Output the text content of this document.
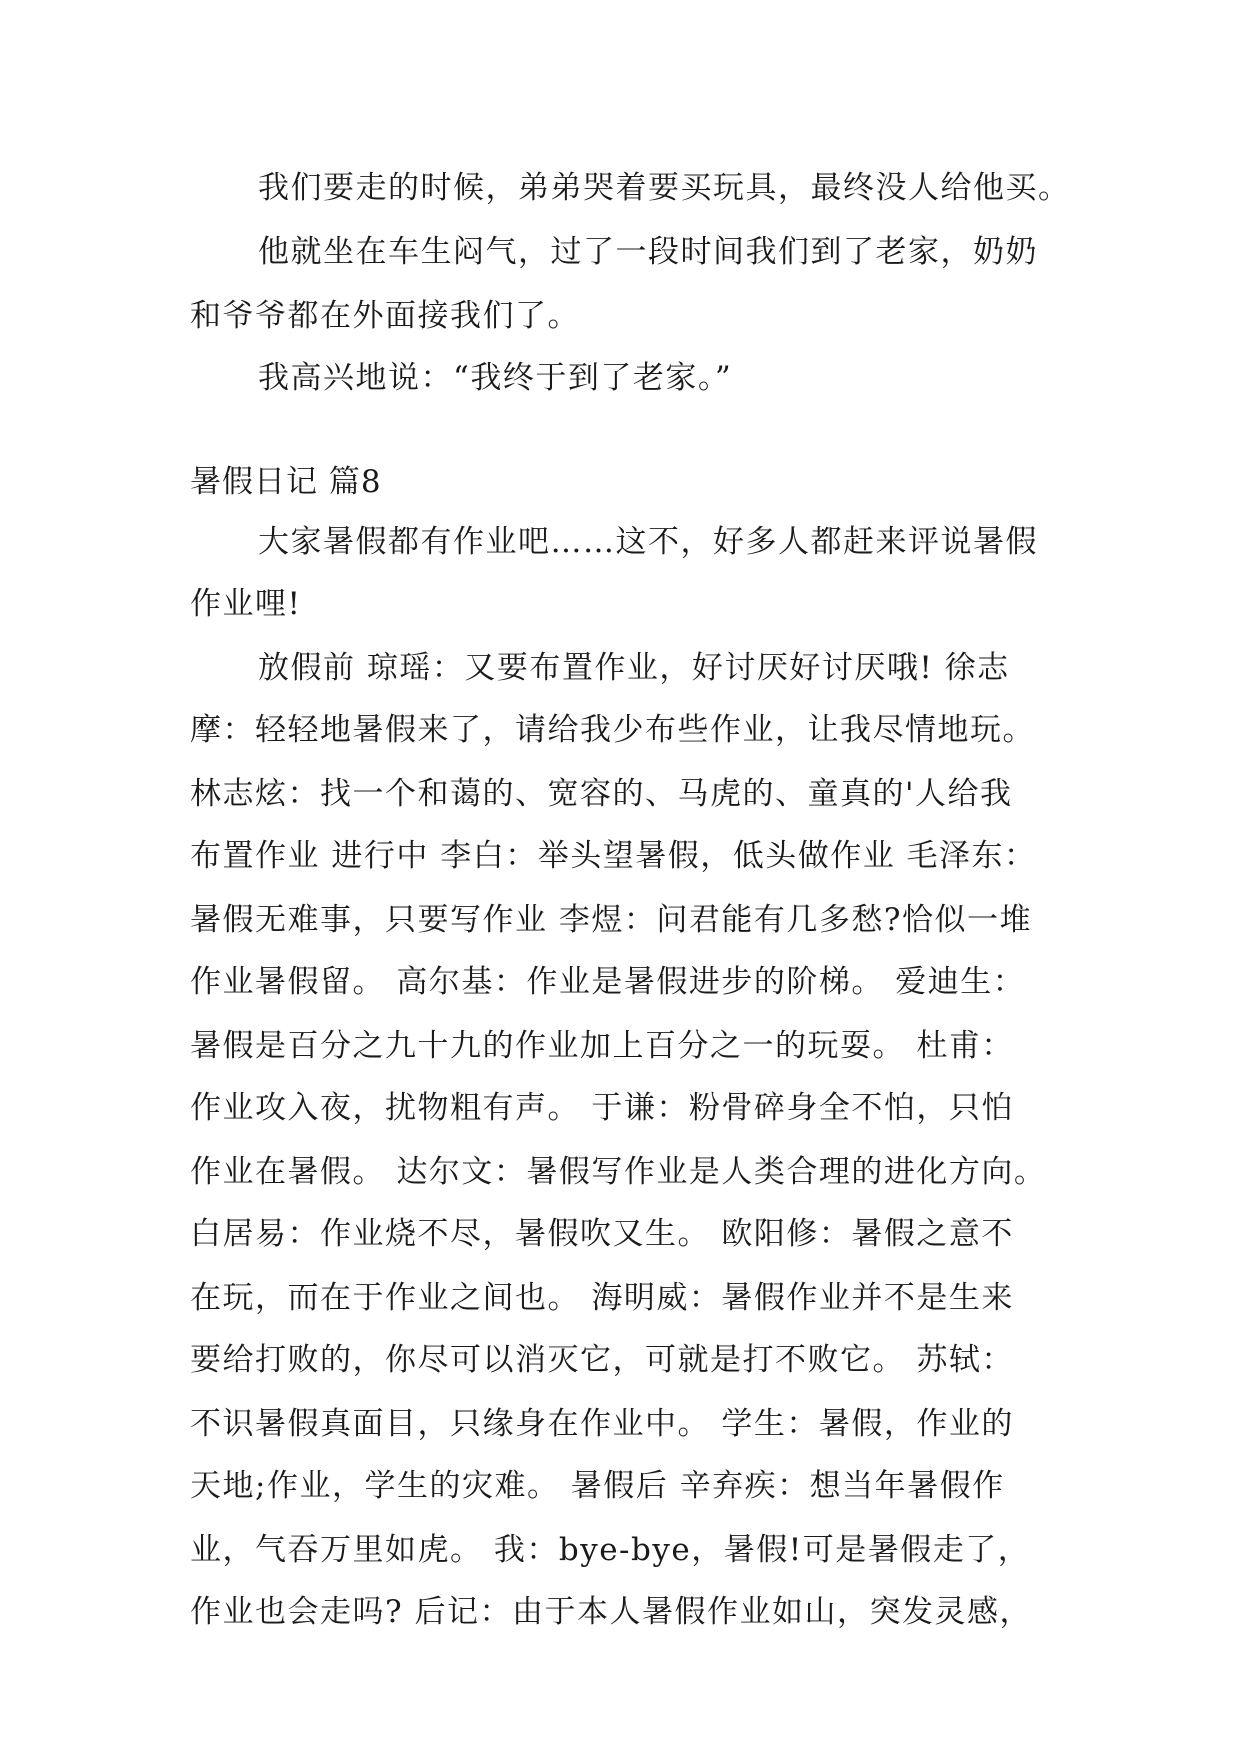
我们要走的时候，弟弟哭着要买玩具，最终没人给他买。
他就坐在车生闷气，过了一段时间我们到了老家，奶奶
和爷爷都在外面接我们了。
我高兴地说：“我终于到了老家。”
暑假日记 篇8
大家暑假都有作业吧……这不，好多人都赶来评说暑假
作业哩!
放假前 琼瑶：又要布置作业，好讨厌好讨厌哦! 徐志
摩：轻轻地暑假来了，请给我少布些作业，让我尽情地玩。
林志炫：找一个和蔼的、宽容的、马虎的、童真的'人给我
布置作业 进行中 李白：举头望暑假，低头做作业 毛泽东：
暑假无难事，只要写作业 李煜：问君能有几多愁?恰似一堆
作业暑假留。 高尔基：作业是暑假进步的阶梯。 爱迪生：
暑假是百分之九十九的作业加上百分之一的玩耍。 杜甫：
作业攻入夜，扰物粗有声。 于谦：粉骨碎身全不怕，只怕
作业在暑假。 达尔文：暑假写作业是人类合理的进化方向。
白居易：作业烧不尽，暑假吹又生。 欧阳修：暑假之意不
在玩，而在于作业之间也。 海明威：暑假作业并不是生来
要给打败的，你尽可以消灭它，可就是打不败它。 苏轼：
不识暑假真面目，只缘身在作业中。 学生：暑假，作业的
天地;作业，学生的灾难。 暑假后 辛弃疾：想当年暑假作
业，气吞万里如虎。 我：bye-bye，暑假!可是暑假走了，
作业也会走吗? 后记：由于本人暑假作业如山，突发灵感，
